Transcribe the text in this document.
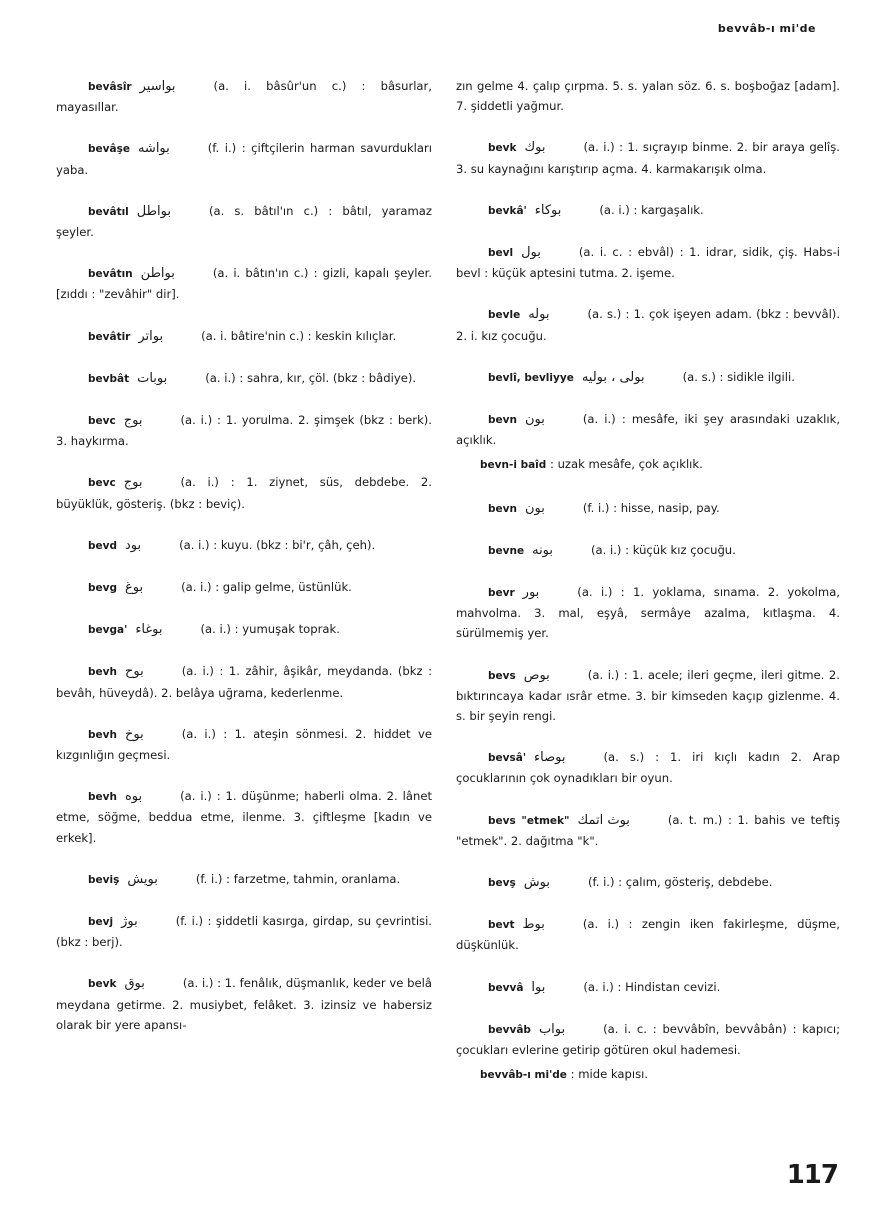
bevvâb-ı mi'de
bevâsîr بواسير	(a. i. bâsûr'un c.) : bâsurlar, mayasıllar.
bevâşe بواشه	(f. i.) : çiftçilerin harman savurdukları yaba.
bevâtıl بواطل	(a. s. bâtıl'ın c.) : bâtıl, yaramaz şeyler.
bevâtın بواطن	(a. i. bâtın'ın c.) : gizli, kapalı şeyler. [zıddı : "zevâhir" dir].
bevâtir بواتر	(a. i. bâtire'nin c.) : keskin kılıçlar.
bevbât بوبات	(a. i.) : sahra, kır, çöl. (bkz : bâdiye).
bevc بوج	(a. i.) : 1. yorulma. 2. şimşek (bkz : berk). 3. haykırma.
bevc بوج	(a. i.) : 1. ziynet, süs, debdebe. 2. büyüklük, gösteriş. (bkz : beviç).
bevd بود	(a. i.) : kuyu. (bkz : bi'r, çâh, çeh).
bevg بوغ	(a. i.) : galip gelme, üstünlük.
bevga' بوغاء	(a. i.) : yumuşak toprak.
bevh بوح	(a. i.) : 1. zâhir, âşikâr, meydanda. (bkz : bevâh, hüveydâ). 2. belâya uğrama, kederlenme.
bevh بوخ	(a. i.) : 1. ateşin sönmesi. 2. hiddet ve kızgınlığın geçmesi.
bevh بوه	(a. i.) : 1. düşünme; haberli olma. 2. lânet etme, söğme, beddua etme, ilenme. 3. çiftleşme [kadın ve erkek].
beviş بويش	(f. i.) : farzetme, tahmin, oranlama.
bevj بوژ	(f. i.) : şiddetli kasırga, girdap, su çevrintisi. (bkz : berj).
bevk بوق	(a. i.) : 1. fenâlık, düşmanlık, keder ve belâ meydana getirme. 2. musiybet, felâket. 3. izinsiz ve habersiz olarak bir yere apansı-
zın gelme 4. çalıp çırpma. 5. s. yalan söz. 6. s. boşboğaz [adam]. 7. şiddetli yağmur.
bevk بوك	(a. i.) : 1. sıçrayıp binme. 2. bir araya gelîş. 3. su kaynağını karıştırıp açma. 4. karmakarışık olma.
bevkâ' بوكاء	(a. i.) : kargaşalık.
bevl بول	(a. i. c. : ebvâl) : 1. idrar, sidik, çiş. Habs-i bevl : küçük aptesini tutma. 2. işeme.
bevle بوله	(a. s.) : 1. çok işeyen adam. (bkz : bevvâl). 2. i. kız çocuğu.
bevlî, bevliyye بولى ، بوليه	(a. s.) : sidikle ilgili.
bevn بون	(a. i.) : mesâfe, iki şey arasındaki uzaklık, açıklık.
bevn-i baîd : uzak mesâfe, çok açıklık.
bevn بون	(f. i.) : hisse, nasip, pay.
bevne بونه	(a. i.) : küçük kız çocuğu.
bevr بور	(a. i.) : 1. yoklama, sınama. 2. yokolma, mahvolma. 3. mal, eşyâ, sermâye azalma, kıtlaşma. 4. sürülmemiş yer.
bevs بوص	(a. i.) : 1. acele; ileri geçme, ileri gitme. 2. bıktırıncaya kadar ısrâr etme. 3. bir kimseden kaçıp gizlenme. 4. s. bir şeyin rengi.
bevsâ' بوصاء	(a. s.) : 1. iri kıçlı kadın 2. Arap çocuklarının çok oynadıkları bir oyun.
bevs "etmek" بوث اتمك	(a. t. m.) : 1. bahis ve teftiş "etmek". 2. dağıtma "k".
bevş بوش	(f. i.) : çalım, gösteriş, debdebe.
bevt بوط	(a. i.) : zengin iken fakirleşme, düşme, düşkünlük.
bevvâ بوا	(a. i.) : Hindistan cevizi.
bevvâb بواب	(a. i. c. : bevvâbîn, bevvâbân) : kapıcı; çocukları evlerine getirip götüren okul hademesi.
bevvâb-ı mi'de : mide kapısı.
117
